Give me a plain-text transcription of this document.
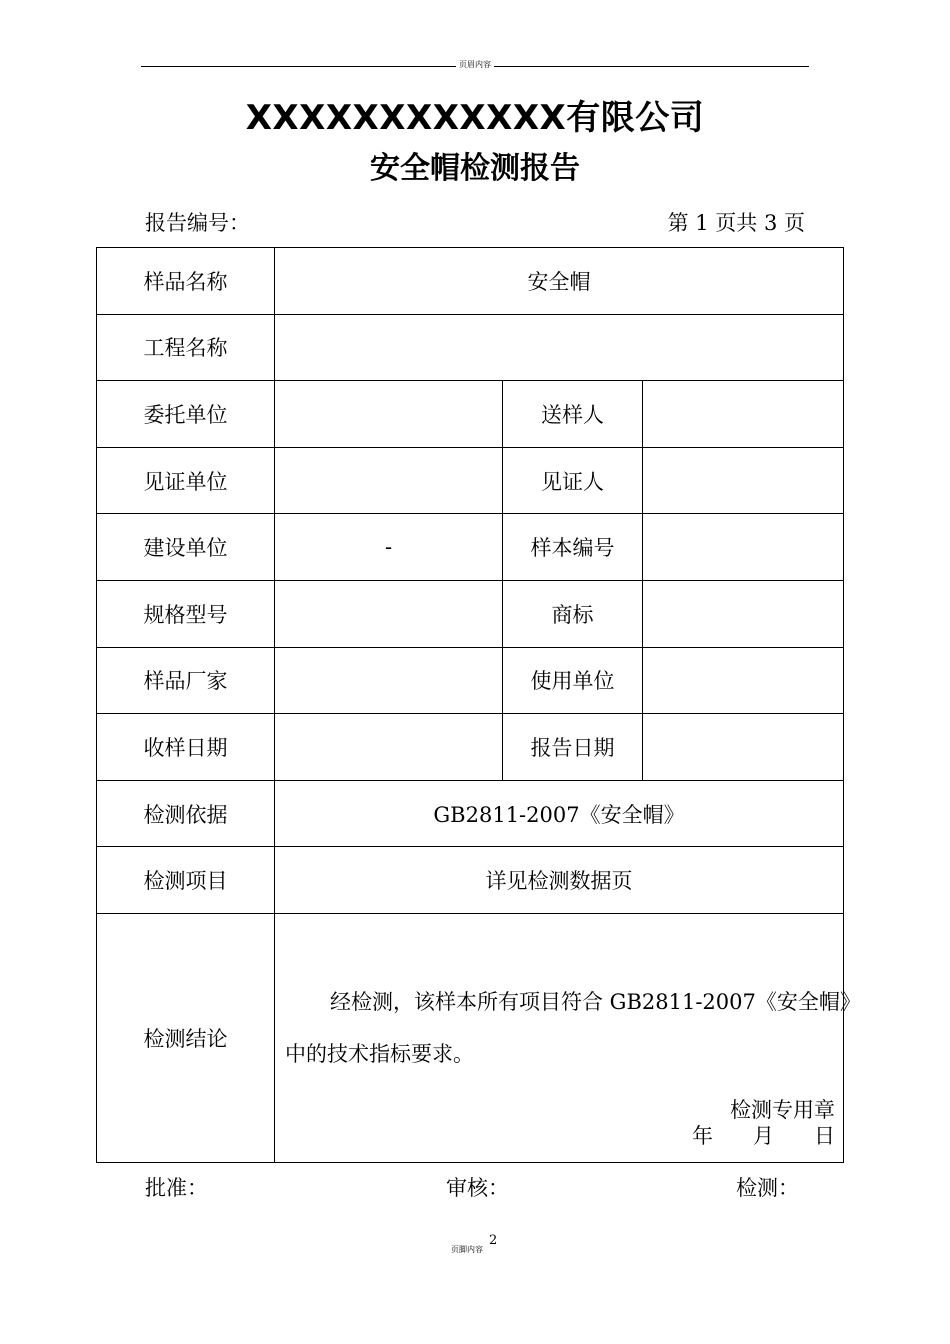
页眉内容
XXXXXXXXXXXX有限公司
安全帽检测报告
报告编号：	第 1 页共 3 页
样品名称	安全帽		
工程名称			
委托单位		送样人	
见证单位		见证人	
建设单位	-	样本编号	
规格型号		商标	
样品厂家		使用单位	
收样日期		报告日期	
检测依据	GB2811-2007《安全帽》		
检测项目	详见检测数据页		
检测结论	经检测，该样本所有项目符合 GB2811-2007《安全帽》
中的技术指标要求。
检测专用章
年 月 日		
批准：	审核：	检测：
页脚内容
2
